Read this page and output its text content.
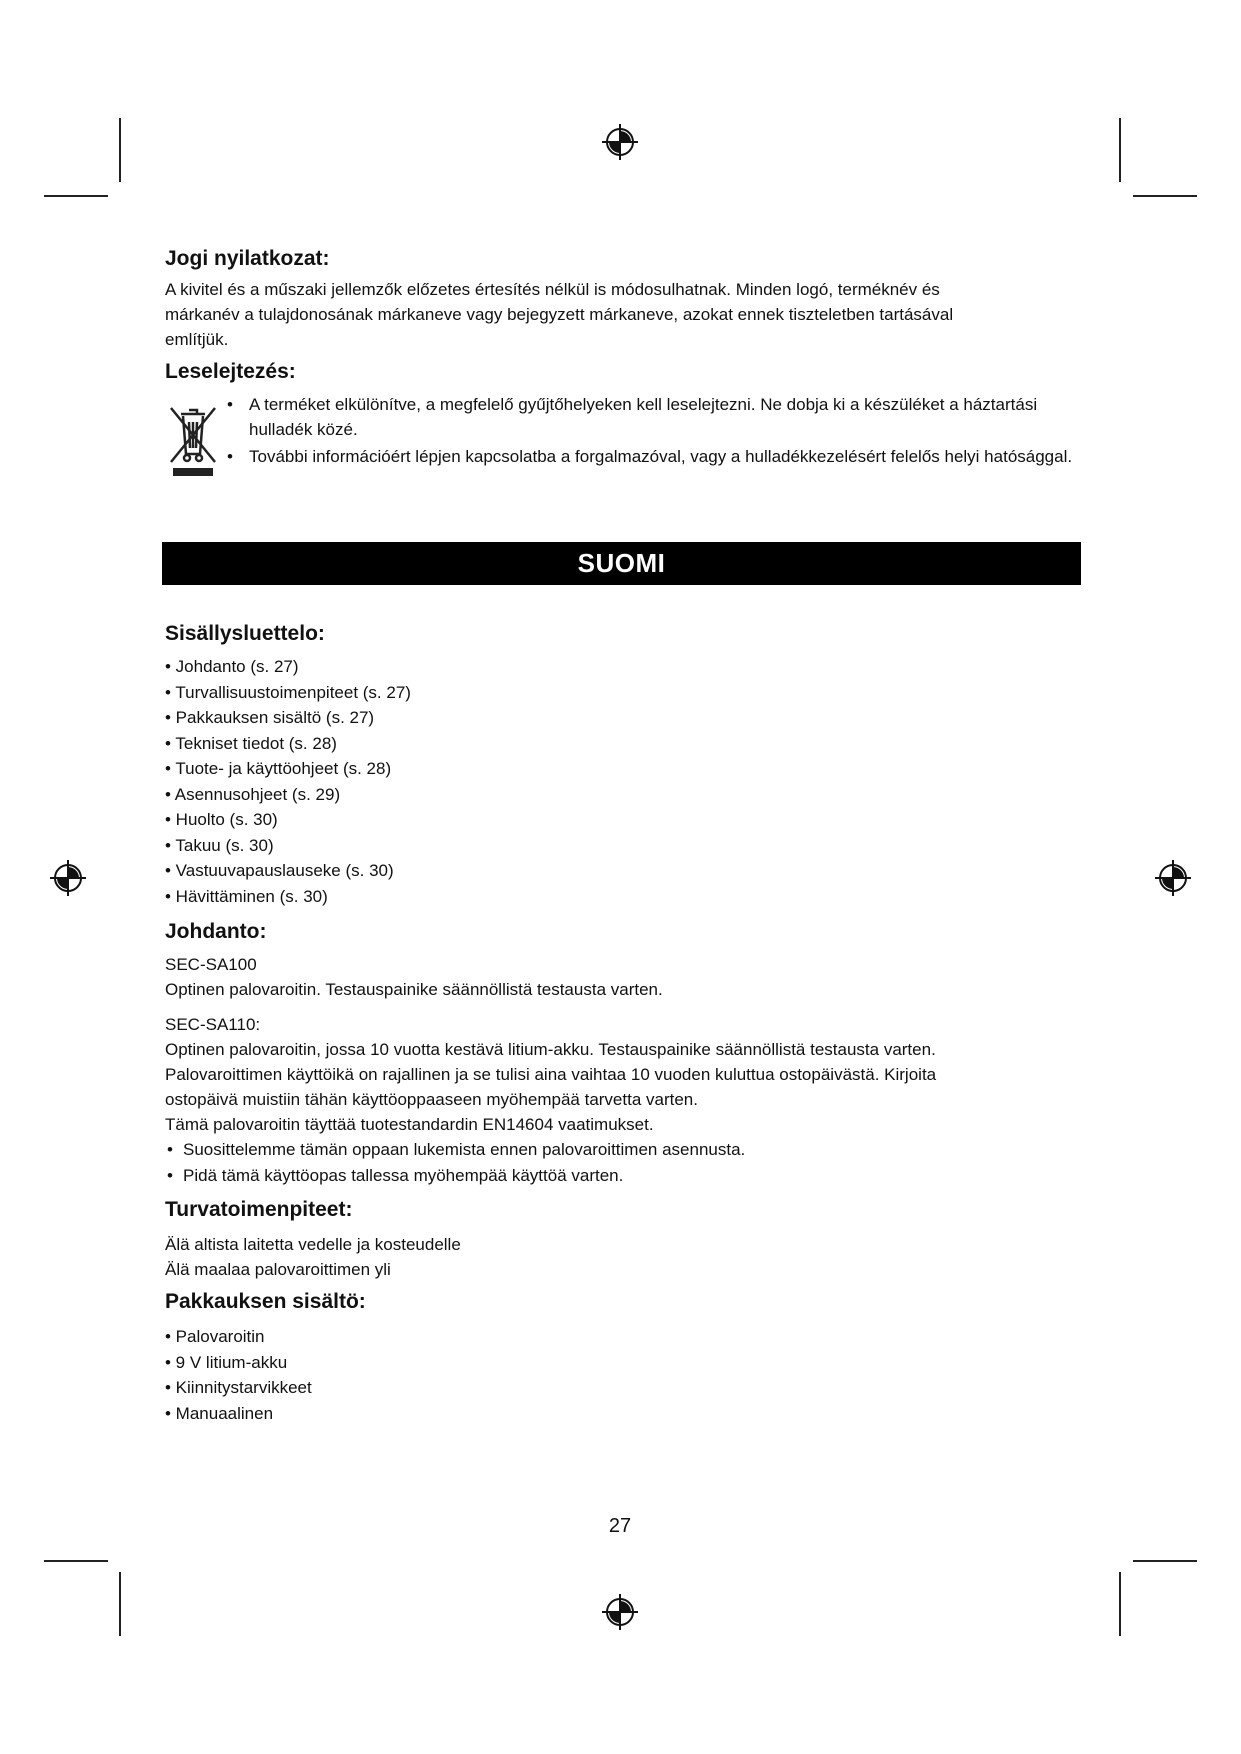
Jogi nyilatkozat:

A kivitel és a műszaki jellemzők előzetes értesítés nélkül is módosulhatnak. Minden logó, terméknév és

márkanév a tulajdonosának márkaneve vagy bejegyzett márkaneve, azokat ennek tiszteletben tartásával

említjük.

Leselejtezés:
• A terméket elkülönítve, a megfelelő gyűjtőhelyeken kell leselejtezni. Ne dobja ki a készüléket a háztartási hulladék közé.
• További információért lépjen kapcsolatba a forgalmazóval, vagy a hulladékkezelésért felelős helyi hatósággal.
SUOMI
Sisällysluettelo:
• Johdanto (s. 27)
• Turvallisuustoimenpiteet (s. 27)
• Pakkauksen sisältö (s. 27)
• Tekniset tiedot (s. 28)
• Tuote- ja käyttöohjeet (s. 28)
• Asennusohjeet (s. 29)
• Huolto (s. 30)
• Takuu (s. 30)
• Vastuuvapauslauseke (s. 30)
• Hävittäminen (s. 30)
Johdanto:

SEC-SA100

Optinen palovaroitin. Testauspainike säännöllistä testausta varten.

SEC-SA110:

Optinen palovaroitin, jossa 10 vuotta kestävä litium-akku. Testauspainike säännöllistä testausta varten.

Palovaroittimen käyttöikä on rajallinen ja se tulisi aina vaihtaa 10 vuoden kuluttua ostopäivästä. Kirjoita

ostopäivä muistiin tähän käyttöoppaaseen myöhempää tarvetta varten.

Tämä palovaroitin täyttää tuotestandardin EN14604 vaatimukset.

• Suosittelemme tämän oppaan lukemista ennen palovaroittimen asennusta.
• Pidä tämä käyttöopas tallessa myöhempää käyttöä varten.
Turvatoimenpiteet:

Älä altista laitetta vedelle ja kosteudelle

Älä maalaa palovaroittimen yli

Pakkauksen sisältö:
• Palovaroitin
• 9 V litium-akku
• Kiinnitystarvikkeet
• Manuaalinen
27
